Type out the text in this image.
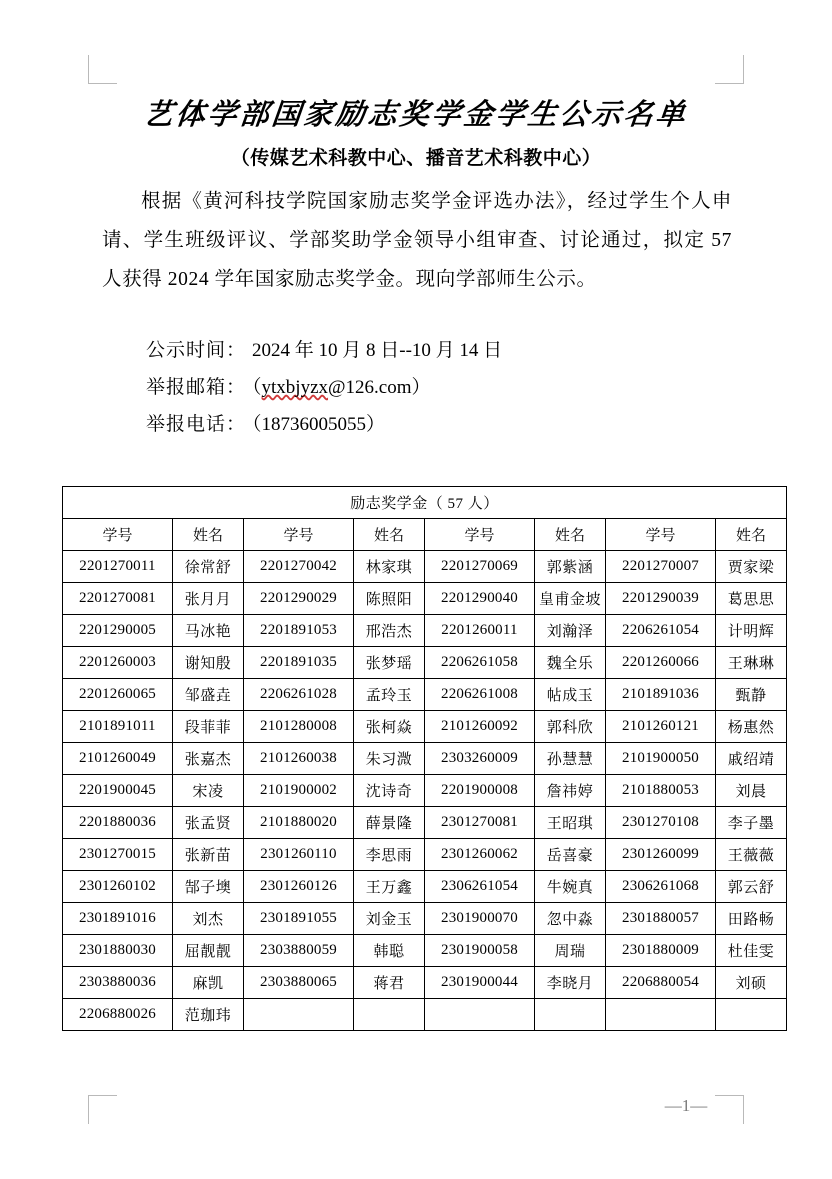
艺体学部国家励志奖学金学生公示名单
（传媒艺术科教中心、播音艺术科教中心）
根据《黄河科技学院国家励志奖学金评选办法》，经过学生个人申请、学生班级评议、学部奖助学金领导小组审查、讨论通过，拟定 57 人获得 2024 学年国家励志奖学金。现向学部师生公示。
公示时间： 2024 年 10 月 8 日--10 月 14 日
举报邮箱： （ytxbjyzx@126.com）
举报电话： （18736005055）
励志奖学金（ 57 人）							
学号	姓名	学号	姓名	学号	姓名	学号	姓名
2201270011	徐常舒	2201270042	林家琪	2201270069	郭紫涵	2201270007	贾家梁
2201270081	张月月	2201290029	陈照阳	2201290040	皇甫金坡	2201290039	葛思思
2201290005	马冰艳	2201891053	邢浩杰	2201260011	刘瀚泽	2206261054	计明辉
2201260003	谢知殷	2201891035	张梦瑶	2206261058	魏全乐	2201260066	王琳琳
2201260065	邹盛垚	2206261028	孟玲玉	2206261008	帖成玉	2101891036	甄静
2101891011	段菲菲	2101280008	张柯焱	2101260092	郭科欣	2101260121	杨惠然
2101260049	张嘉杰	2101260038	朱习溦	2303260009	孙慧慧	2101900050	戚绍靖
2201900045	宋凌	2101900002	沈诗奇	2201900008	詹祎婷	2101880053	刘晨
2201880036	张孟贤	2101880020	薛景隆	2301270081	王昭琪	2301270108	李子墨
2301270015	张新苗	2301260110	李思雨	2301260062	岳喜豪	2301260099	王薇薇
2301260102	郜子墺	2301260126	王万鑫	2306261054	牛婉真	2306261068	郭云舒
2301891016	刘杰	2301891055	刘金玉	2301900070	忽中淼	2301880057	田路畅
2301880030	屈靓靓	2303880059	韩聪	2301900058	周瑞	2301880009	杜佳雯
2303880036	麻凯	2303880065	蒋君	2301900044	李晓月	2206880054	刘硕
2206880026	范珈玮						
—1—
